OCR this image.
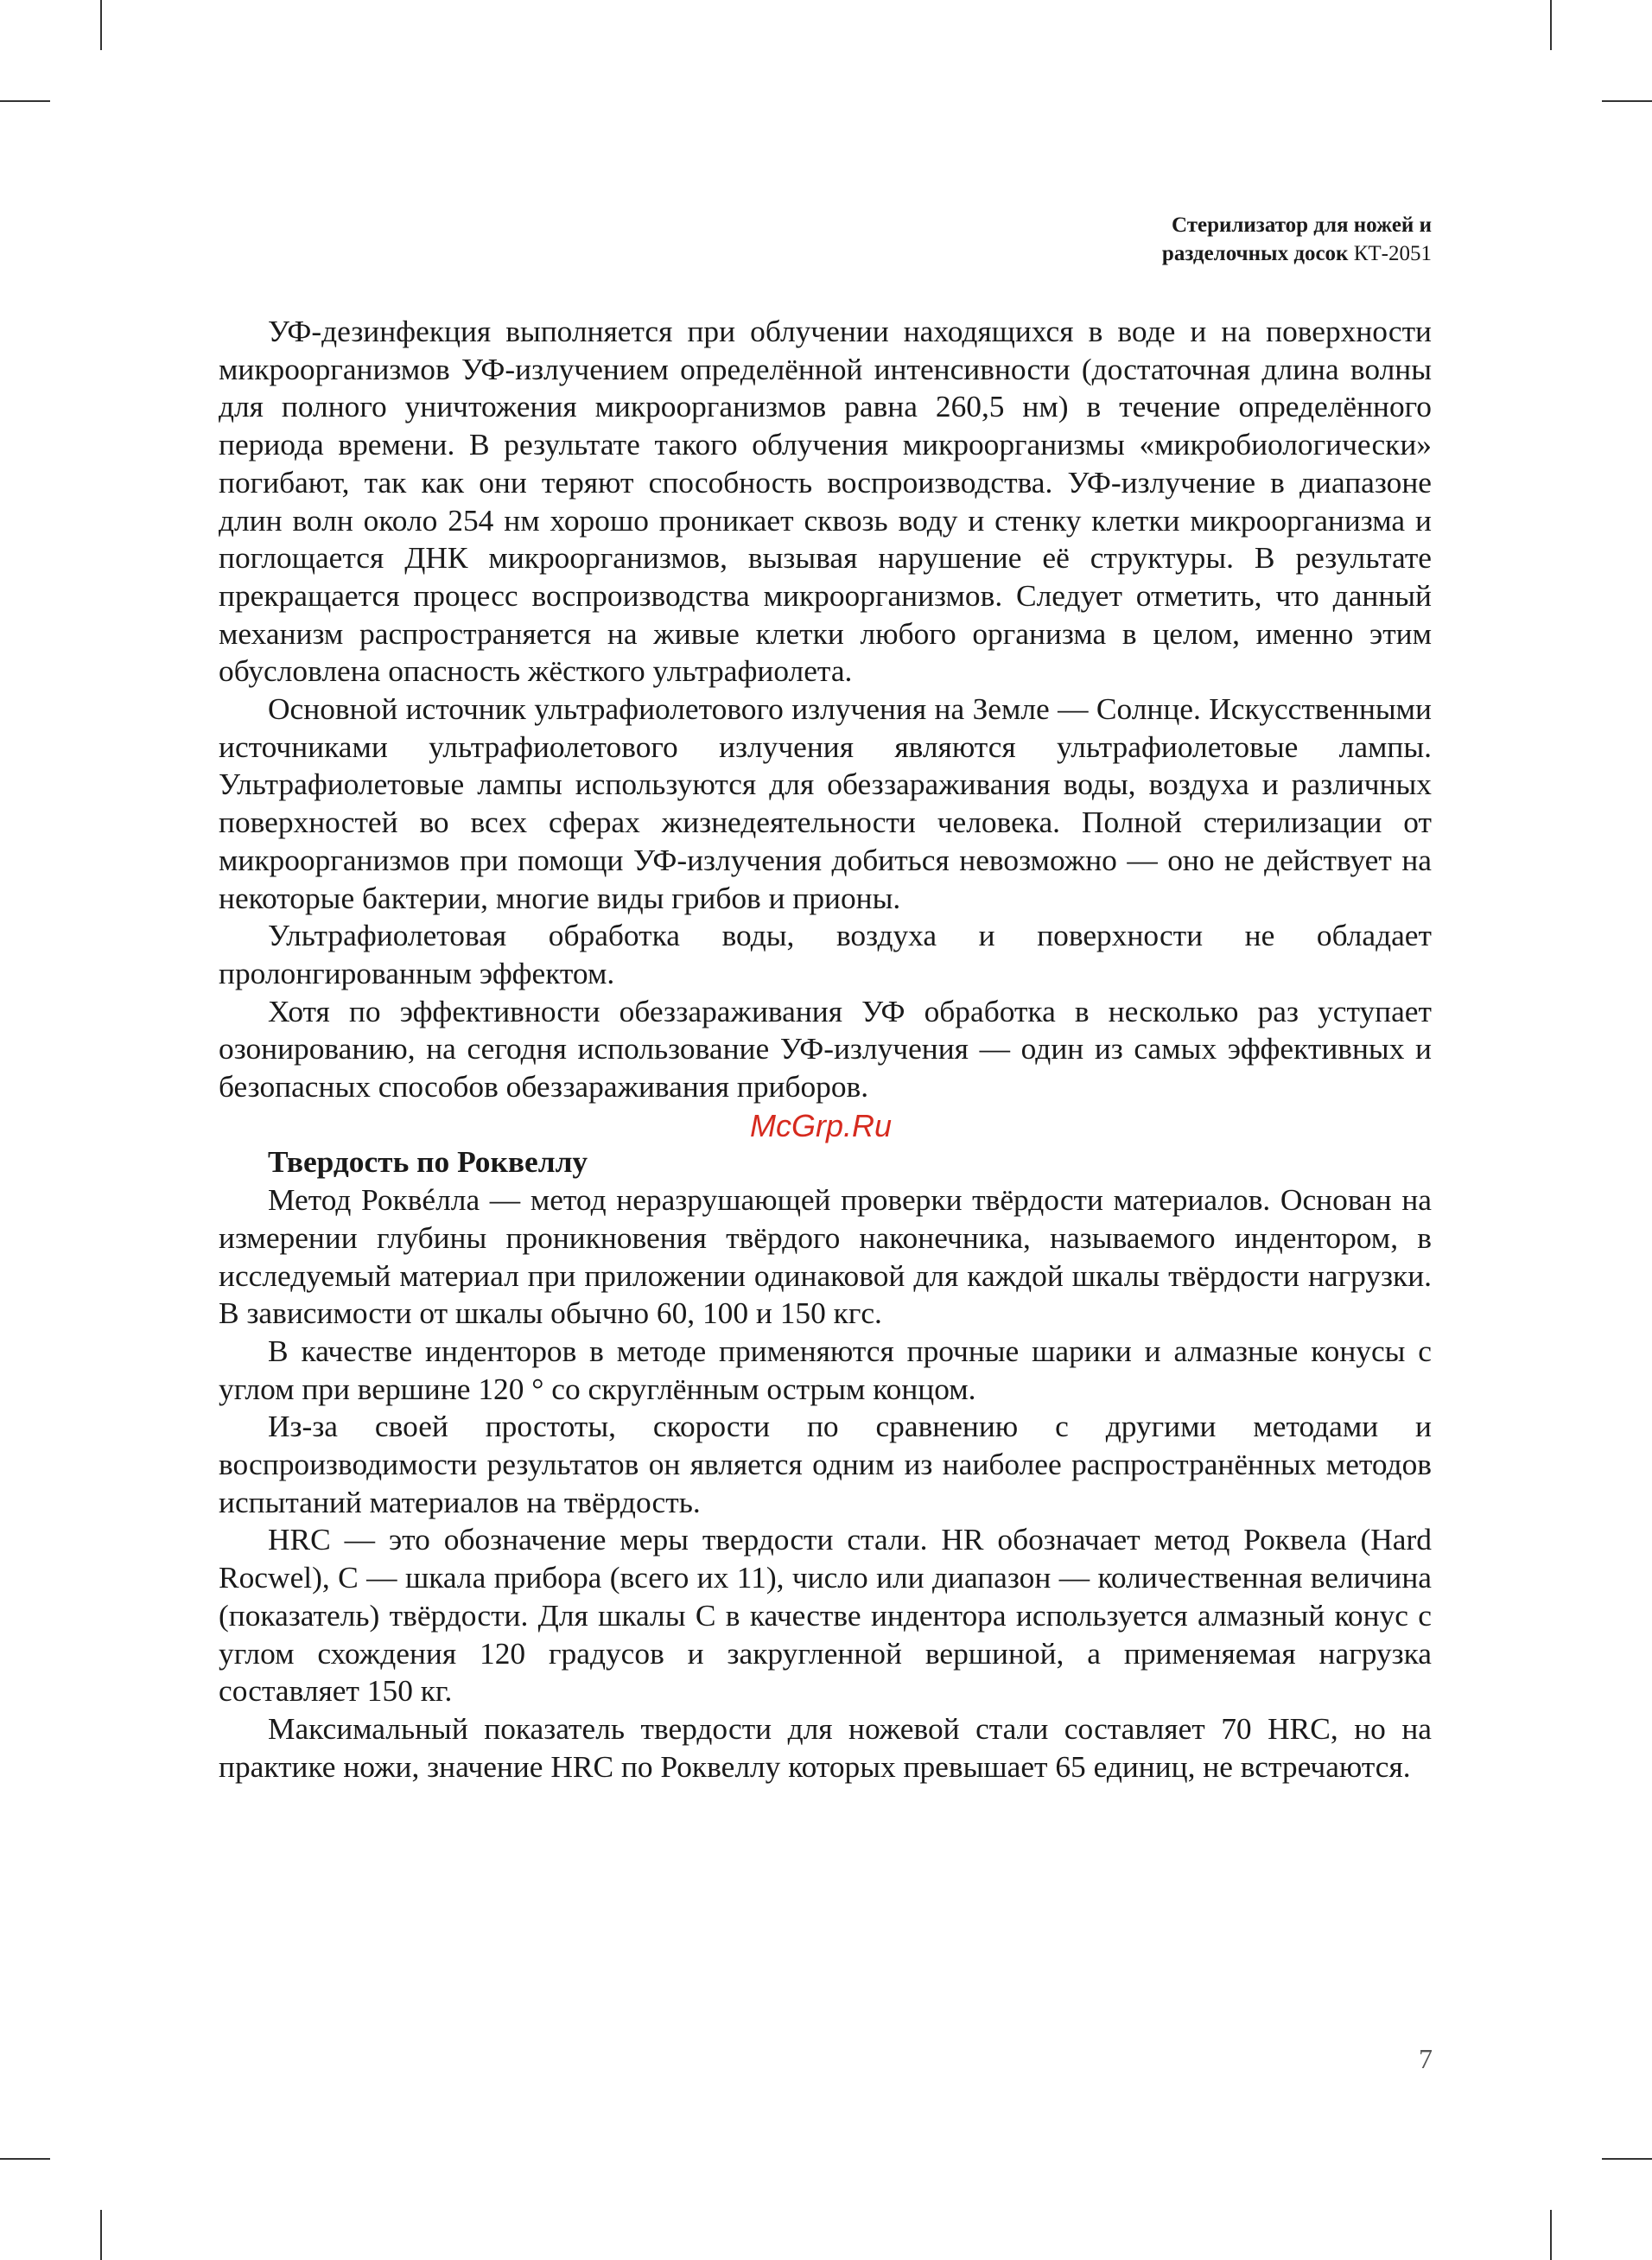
Стерилизатор для ножей и
разделочных досок КТ-2051

УФ-дезинфекция выполняется при облучении находящихся в воде и на поверхности микроорганизмов УФ-излучением определённой интенсивности (достаточная длина волны для полного уничтожения микроорганизмов равна 260,5 нм) в течение определённого периода времени. В результате такого облучения микроорганизмы «микробиологически» погибают, так как они теряют способность воспроизводства. УФ-излучение в диапазоне длин волн около 254 нм хорошо проникает сквозь воду и стенку клетки микроорганизма и поглощается ДНК микроорганизмов, вызывая нарушение её структуры. В результате прекращается процесс воспроизводства микроорганизмов. Следует отметить, что данный механизм распространяется на живые клетки любого организма в целом, именно этим обусловлена опасность жёсткого ультрафиолета.

Основной источник ультрафиолетового излучения на Земле — Солнце. Искусственными источниками ультрафиолетового излучения являются ультрафиолетовые лампы. Ультрафиолетовые лампы используются для обеззараживания воды, воздуха и различных поверхностей во всех сферах жизнедеятельности человека. Полной стерилизации от микроорганизмов при помощи УФ-излучения добиться невозможно — оно не действует на некоторые бактерии, многие виды грибов и прионы.

Ультрафиолетовая обработка воды, воздуха и поверхности не обладает пролонгированным эффектом.

Хотя по эффективности обеззараживания УФ обработка в несколько раз уступает озонированию, на сегодня использование УФ-излучения — один из самых эффективных и безопасных способов обеззараживания приборов.

Твердость по Роквеллу

Метод Роквéлла — метод неразрушающей проверки твёрдости материалов. Основан на измерении глубины проникновения твёрдого наконечника, называемого индентором, в исследуемый материал при приложении одинаковой для каждой шкалы твёрдости нагрузки. В зависимости от шкалы обычно 60, 100 и 150 кгс.

В качестве инденторов в методе применяются прочные шарики и алмазные конусы с углом при вершине 120 ° со скруглённым острым концом.

Из-за своей простоты, скорости по сравнению с другими методами и воспроизводимости результатов он является одним из наиболее распространённых методов испытаний материалов на твёрдость.

HRC — это обозначение меры твердости стали. HR обозначает метод Роквела (Hard Rocwel), С — шкала прибора (всего их 11), число или диапазон — количественная величина (показатель) твёрдости. Для шкалы С в качестве индентора используется алмазный конус с углом схождения 120 градусов и закругленной вершиной, а применяемая нагрузка составляет 150 кг.

Максимальный показатель твердости для ножевой стали составляет 70 HRC, но на практике ножи, значение HRC по Роквеллу которых превышает 65 единиц, не встречаются.

McGrp.Ru
7
